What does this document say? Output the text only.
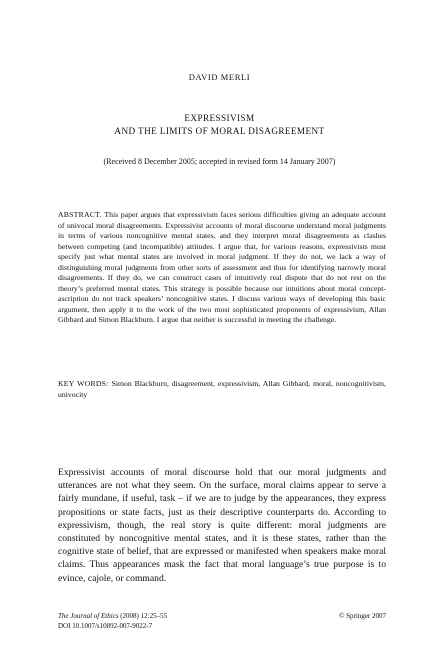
DAVID MERLI
EXPRESSIVISM
AND THE LIMITS OF MORAL DISAGREEMENT
(Received 8 December 2005; accepted in revised form 14 January 2007)
ABSTRACT. This paper argues that expressivism faces serious difficulties giving an adequate account of univocal moral disagreements. Expressivist accounts of moral discourse understand moral judgments in terms of various noncognitive mental states, and they interpret moral disagreements as clashes between competing (and incompatible) attitudes. I argue that, for various reasons, expressivists must specify just what mental states are involved in moral judgment. If they do not, we lack a way of distinguishing moral judgments from other sorts of assessment and thus for identifying narrowly moral disagreements. If they do, we can construct cases of intuitively real dispute that do not rest on the theory’s preferred mental states. This strategy is possible because our intuitions about moral concept-ascription do not track speakers’ noncognitive states. I discuss various ways of developing this basic argument, then apply it to the work of the two most sophisticated proponents of expressivism, Allan Gibbard and Simon Blackburn. I argue that neither is successful in meeting the challenge.
KEY WORDS: Simon Blackburn, disagreement, expressivism, Allan Gibbard, moral, noncognitivism, univocity
Expressivist accounts of moral discourse hold that our moral judgments and utterances are not what they seem. On the surface, moral claims appear to serve a fairly mundane, if useful, task – if we are to judge by the appearances, they express propositions or state facts, just as their descriptive counterparts do. According to expressivism, though, the real story is quite different: moral judgments are constituted by noncognitive mental states, and it is these states, rather than the cognitive state of belief, that are expressed or manifested when speakers make moral claims. Thus appearances mask the fact that moral language’s true purpose is to evince, cajole, or command.
The Journal of Ethics (2008) 12:25–55	© Springer 2007
DOI 10.1007/s10892-007-9022-7
